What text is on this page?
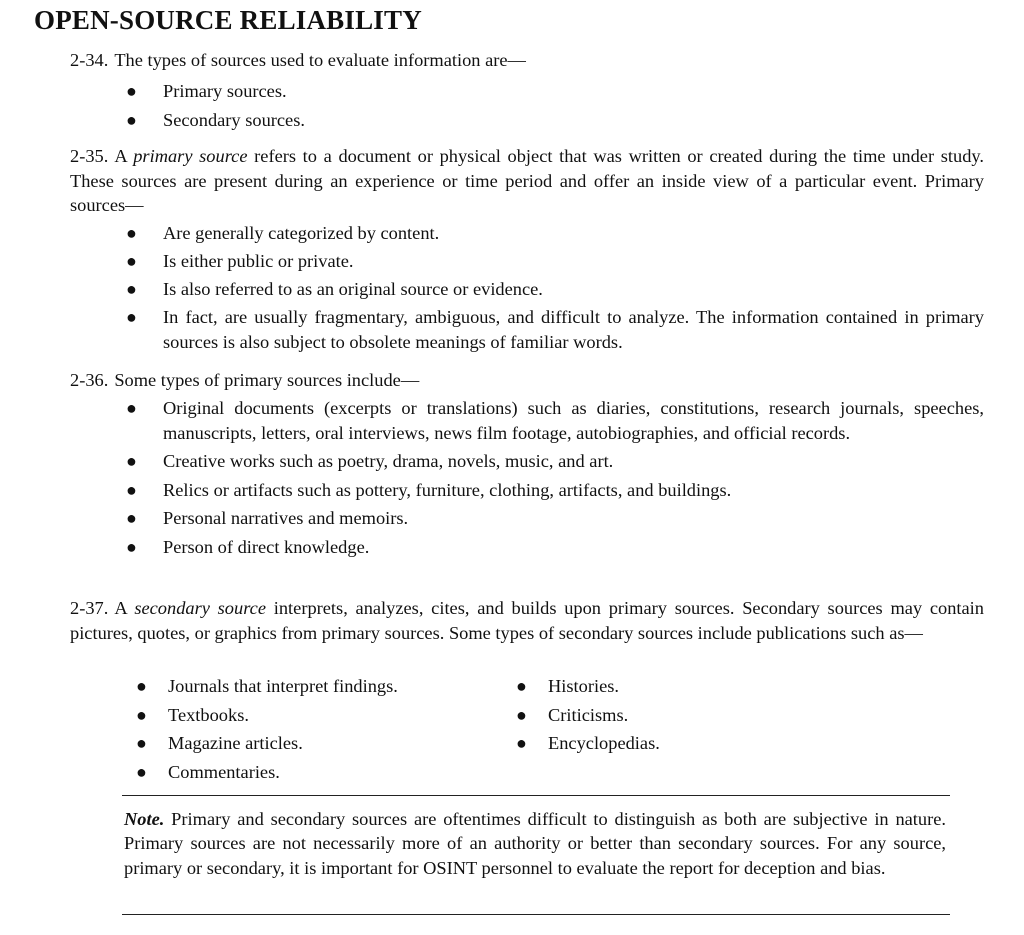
OPEN-SOURCE RELIABILITY
2-34. The types of sources used to evaluate information are—
● Primary sources.
● Secondary sources.
2-35. A primary source refers to a document or physical object that was written or created during the time under study. These sources are present during an experience or time period and offer an inside view of a particular event. Primary sources—
● Are generally categorized by content.
● Is either public or private.
● Is also referred to as an original source or evidence.
● In fact, are usually fragmentary, ambiguous, and difficult to analyze. The information contained in primary sources is also subject to obsolete meanings of familiar words.
2-36. Some types of primary sources include—
● Original documents (excerpts or translations) such as diaries, constitutions, research journals, speeches, manuscripts, letters, oral interviews, news film footage, autobiographies, and official records.
● Creative works such as poetry, drama, novels, music, and art.
● Relics or artifacts such as pottery, furniture, clothing, artifacts, and buildings.
● Personal narratives and memoirs.
● Person of direct knowledge.
2-37. A secondary source interprets, analyzes, cites, and builds upon primary sources. Secondary sources may contain pictures, quotes, or graphics from primary sources. Some types of secondary sources include publications such as—
● Journals that interpret findings.
● Textbooks.
● Magazine articles.
● Commentaries.
● Histories.
● Criticisms.
● Encyclopedias.
Note. Primary and secondary sources are oftentimes difficult to distinguish as both are subjective in nature. Primary sources are not necessarily more of an authority or better than secondary sources. For any source, primary or secondary, it is important for OSINT personnel to evaluate the report for deception and bias.
